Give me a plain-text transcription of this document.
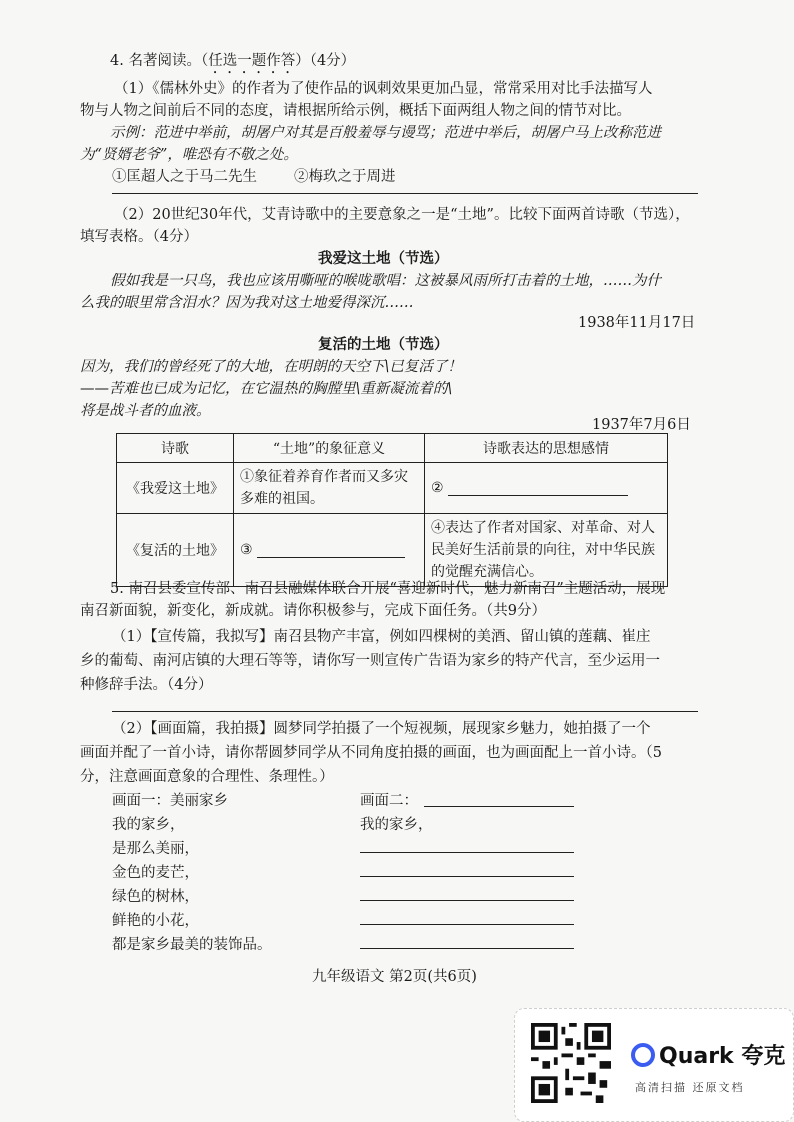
4. 名著阅读。（任选一题作答）（4分）
（1）《儒林外史》的作者为了使作品的讽刺效果更加凸显，常常采用对比手法描写人
物与人物之间前后不同的态度，请根据所给示例，概括下面两组人物之间的情节对比。
示例：范进中举前，胡屠户对其是百般羞辱与谩骂；范进中举后，胡屠户马上改称范进
为“贤婿老爷”，唯恐有不敬之处。
①匡超人之于马二先生	②梅玖之于周进
（2）20世纪30年代，艾青诗歌中的主要意象之一是“土地”。比较下面两首诗歌（节选），
填写表格。（4分）
我爱这土地（节选）
假如我是一只鸟，我也应该用嘶哑的喉咙歌唱：这被暴风雨所打击着的土地，……为什
么我的眼里常含泪水？因为我对这土地爱得深沉……
1938年11月17日
复活的土地（节选）
因为，我们的曾经死了的大地，在明朗的天空下\已复活了！
——苦难也已成为记忆，在它温热的胸膛里\重新凝流着的\
将是战斗者的血液。
1937年7月6日
诗歌	“土地”的象征意义	诗歌表达的思想感情
《我爱这土地》	①象征着养育作者而又多灾多难的祖国。	②
《复活的土地》	③	④表达了作者对国家、对革命、对人民美好生活前景的向往，对中华民族的觉醒充满信心。
5. 南召县委宣传部、南召县融媒体联合开展“喜迎新时代，魅力新南召”主题活动，展现
南召新面貌，新变化，新成就。请你积极参与，完成下面任务。（共9分）
（1）【宣传篇，我拟写】南召县物产丰富，例如四棵树的美酒、留山镇的莲藕、崔庄
乡的葡萄、南河店镇的大理石等等，请你写一则宣传广告语为家乡的特产代言，至少运用一
种修辞手法。（4分）
（2）【画面篇，我拍摄】圆梦同学拍摄了一个短视频，展现家乡魅力，她拍摄了一个
画面并配了一首小诗，请你帮圆梦同学从不同角度拍摄的画面，也为画面配上一首小诗。（5
分，注意画面意象的合理性、条理性。）
画面一：美丽家乡
我的家乡，
是那么美丽，
金色的麦芒，
绿色的树林，
鲜艳的小花，
都是家乡最美的装饰品。
画面二：
我的家乡，
九年级语文 第2页(共6页)
Quark 夸克
高清扫描 还原文档
